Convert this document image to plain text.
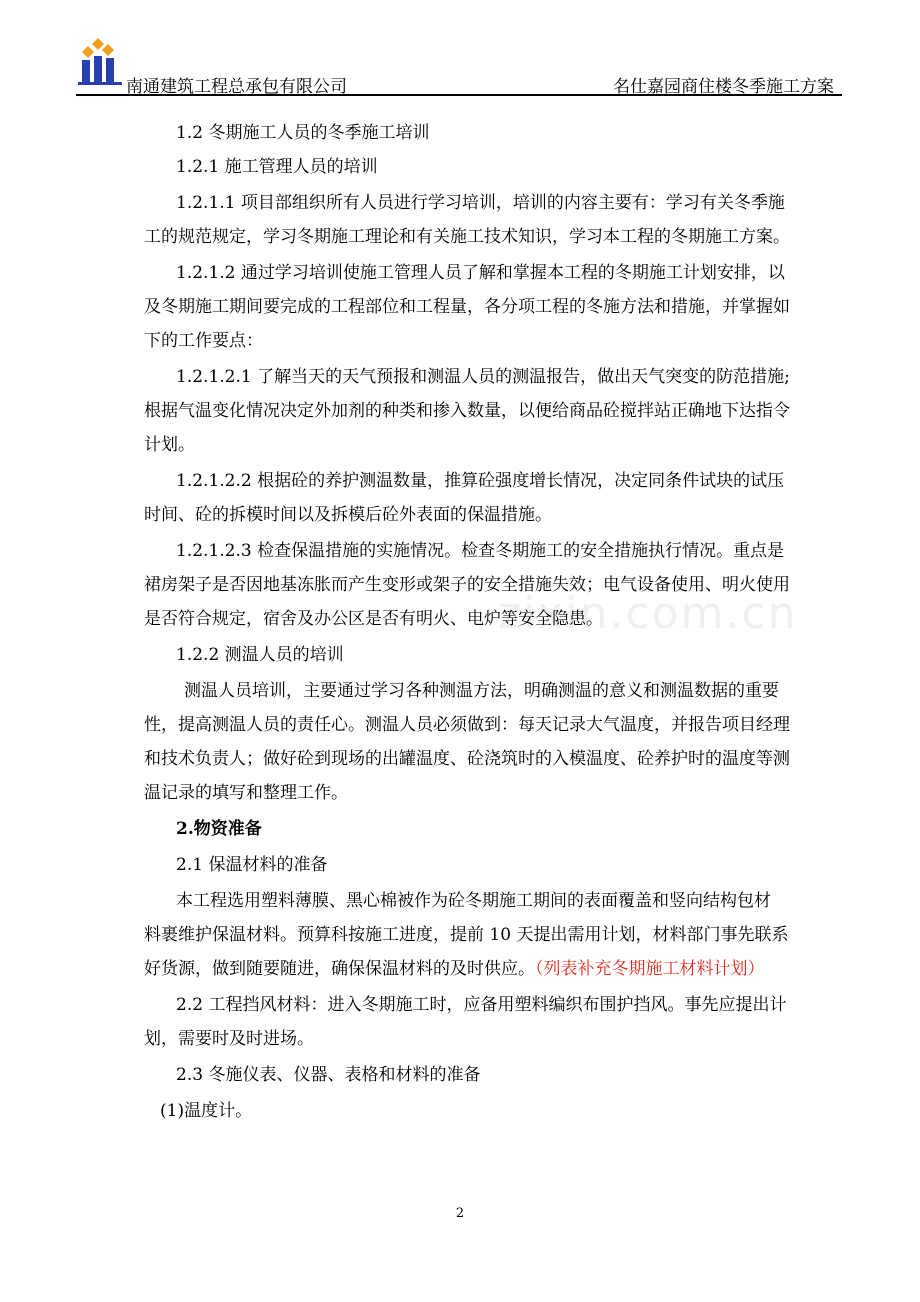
南通建筑工程总承包有限公司	名仕嘉园商住楼冬季施工方案
zixin.com.cn

1.2 冬期施工人员的冬季施工培训

1.2.1 施工管理人员的培训

1.2.1.1 项目部组织所有人员进行学习培训，培训的内容主要有：学习有关冬季施

工的规范规定，学习冬期施工理论和有关施工技术知识，学习本工程的冬期施工方案。

1.2.1.2 通过学习培训使施工管理人员了解和掌握本工程的冬期施工计划安排，以

及冬期施工期间要完成的工程部位和工程量，各分项工程的冬施方法和措施，并掌握如

下的工作要点：

1.2.1.2.1 了解当天的天气预报和测温人员的测温报告，做出天气突变的防范措施;

根据气温变化情况决定外加剂的种类和掺入数量，以便给商品砼搅拌站正确地下达指令

计划。

1.2.1.2.2 根据砼的养护测温数量，推算砼强度增长情况，决定同条件试块的试压

时间、砼的拆模时间以及拆模后砼外表面的保温措施。

1.2.1.2.3 检查保温措施的实施情况。检查冬期施工的安全措施执行情况。重点是

裙房架子是否因地基冻胀而产生变形或架子的安全措施失效；电气设备使用、明火使用

是否符合规定，宿舍及办公区是否有明火、电炉等安全隐患。

1.2.2 测温人员的培训

测温人员培训，主要通过学习各种测温方法，明确测温的意义和测温数据的重要

性，提高测温人员的责任心。测温人员必须做到：每天记录大气温度，并报告项目经理

和技术负责人；做好砼到现场的出罐温度、砼浇筑时的入模温度、砼养护时的温度等测

温记录的填写和整理工作。

2.物资准备

2.1 保温材料的准备

本工程选用塑料薄膜、黑心棉被作为砼冬期施工期间的表面覆盖和竖向结构包材

料裹维护保温材料。预算科按施工进度，提前 10 天提出需用计划，材料部门事先联系

好货源，做到随要随进，确保保温材料的及时供应。（列表补充冬期施工材料计划）

2.2 工程挡风材料：进入冬期施工时，应备用塑料编织布围护挡风。事先应提出计

划，需要时及时进场。

2.3 冬施仪表、仪器、表格和材料的准备

(1)温度计。

2
